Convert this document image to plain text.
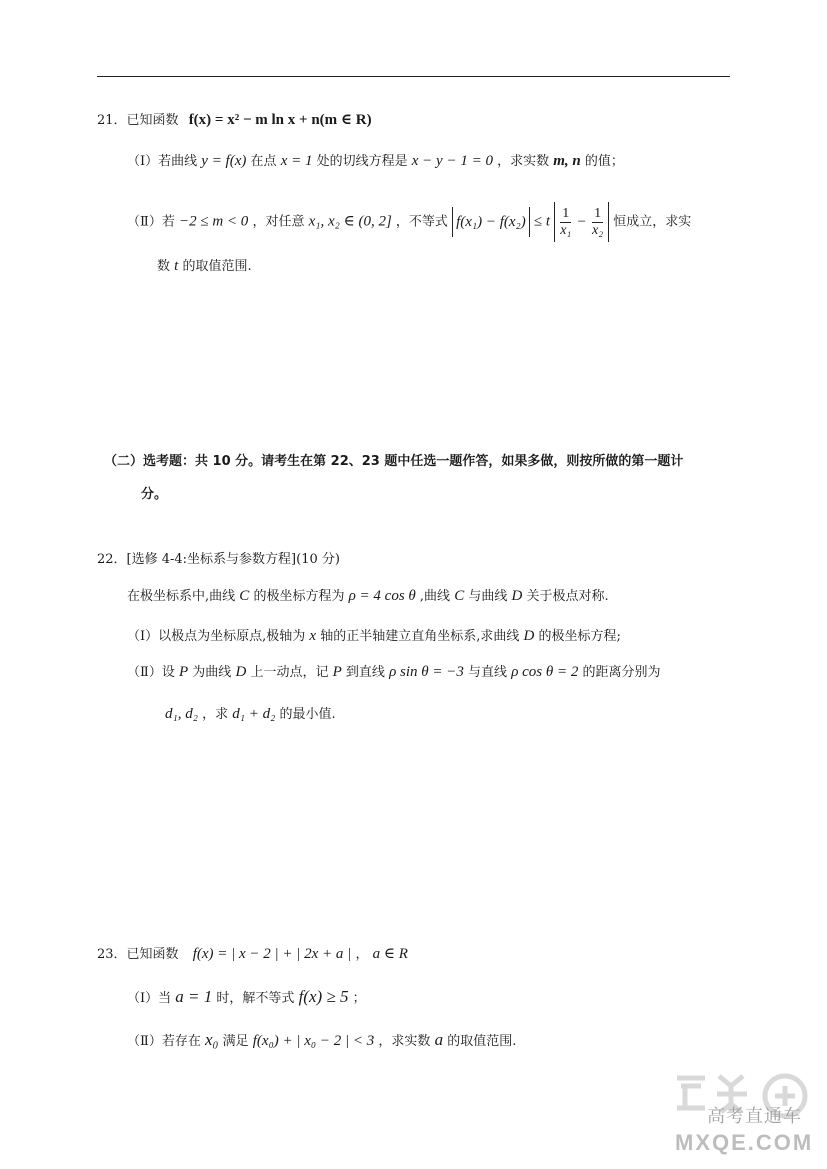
21．已知函数 f(x) = x² − m ln x + n(m ∈ R)
（Ⅰ）若曲线 y = f(x) 在点 x = 1 处的切线方程是 x − y − 1 = 0 ，求实数 m, n 的值；
（Ⅱ）若 −2 ≤ m < 0 ，对任意 x₁, x₂ ∈ (0, 2] ，不等式 f(x₁) − f(x₂) ≤ t $\frac{1}{\text{x₁}} - \frac{1}{\text{x₂}}$ 恒成立，求实
数 t 的取值范围.
（二）选考题：共 10 分。请考生在第 22、23 题中任选一题作答，如果多做，则按所做的第一题计
分。
22．[选修 4-4:坐标系与参数方程](10 分)
在极坐标系中,曲线 C 的极坐标方程为 ρ = 4 cos θ ,曲线 C 与曲线 D 关于极点对称.
（Ⅰ）以极点为坐标原点,极轴为 x 轴的正半轴建立直角坐标系,求曲线 D 的极坐标方程;
（Ⅱ）设 P 为曲线 D 上一动点，记 P 到直线 ρ sin θ = −3 与直线 ρ cos θ = 2 的距离分别为
d₁, d₂ ，求 d₁ + d₂ 的最小值.
23．已知函数 f(x) = | x − 2 | + | 2x + a | ， a ∈ R
（Ⅰ）当 a = 1 时，解不等式 f(x) ≥ 5 ；
（Ⅱ）若存在 x₀ 满足 f(x₀) + | x₀ − 2 | < 3 ，求实数 a 的取值范围.
高考直通车
MXQE.COM
